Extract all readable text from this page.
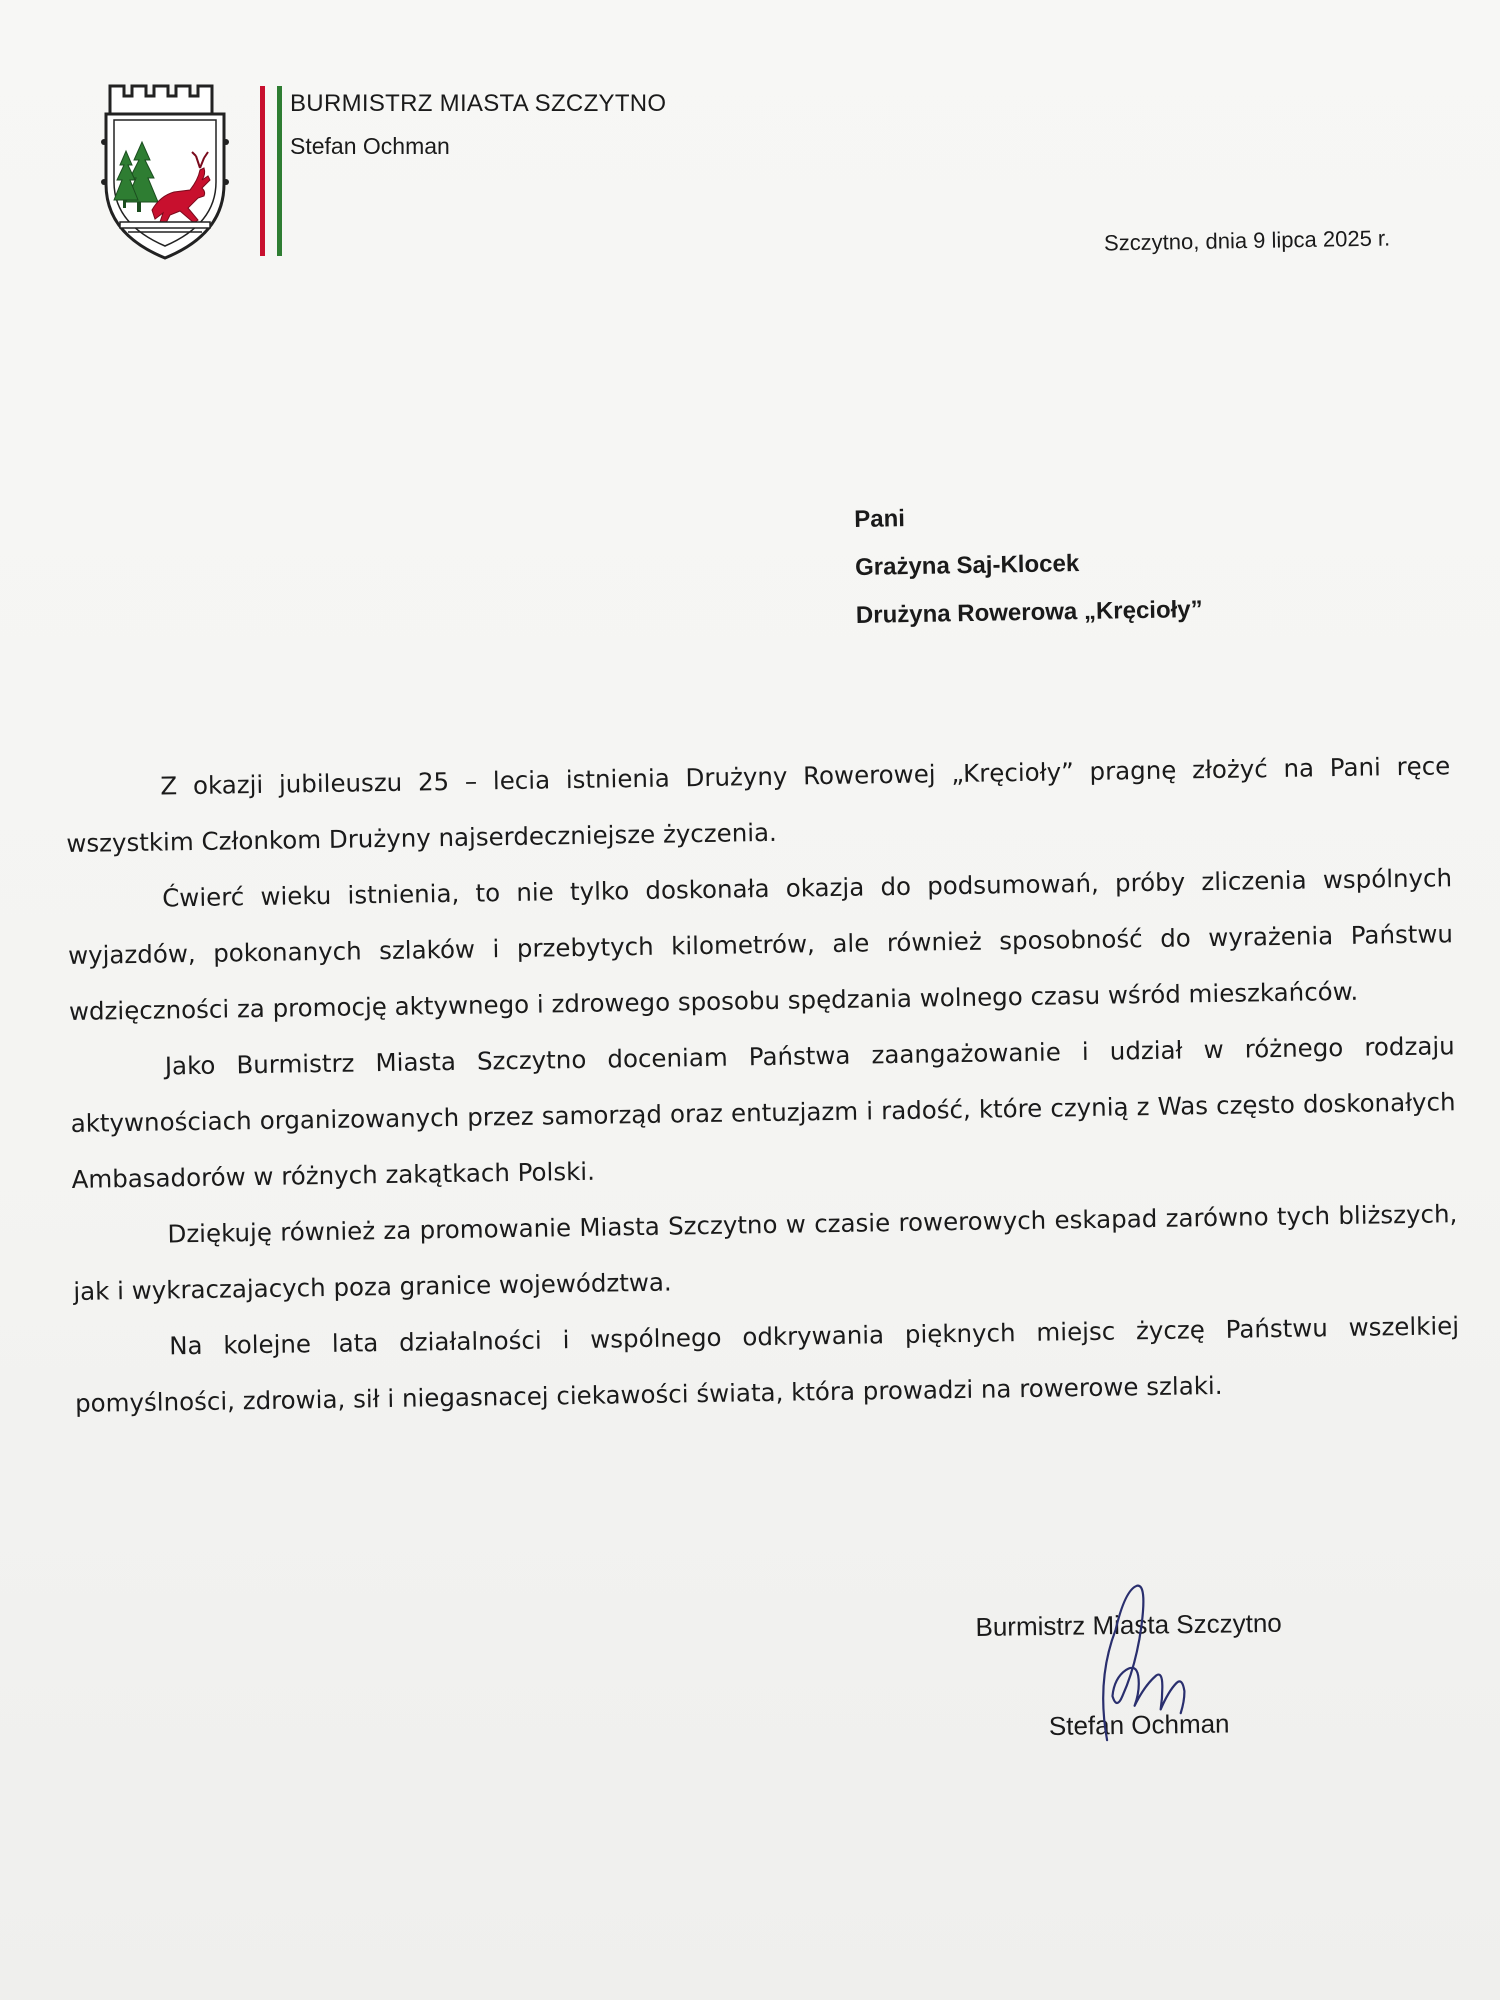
BURMISTRZ MIASTA SZCZYTNO
Stefan Ochman
Szczytno, dnia 9 lipca 2025 r.
Pani
Grażyna Saj-Klocek
Drużyna Rowerowa „Kręcioły”

Z okazji jubileuszu 25 – lecia istnienia Drużyny Rowerowej „Kręcioły” pragnę złożyć na Pani ręce wszystkim Członkom Drużyny najserdeczniejsze życzenia.

Ćwierć wieku istnienia, to nie tylko doskonała okazja do podsumowań, próby zliczenia wspólnych wyjazdów, pokonanych szlaków i przebytych kilometrów, ale również sposobność do wyrażenia Państwu wdzięczności za promocję aktywnego i zdrowego sposobu spędzania wolnego czasu wśród mieszkańców.

Jako Burmistrz Miasta Szczytno doceniam Państwa zaangażowanie i udział w różnego rodzaju aktywnościach organizowanych przez samorząd oraz entuzjazm i radość, które czynią z Was często doskonałych Ambasadorów w różnych zakątkach Polski.

Dziękuję również za promowanie Miasta Szczytno w czasie rowerowych eskapad zarówno tych bliższych, jak i wykraczajacych poza granice województwa.

Na kolejne lata działalności i wspólnego odkrywania pięknych miejsc życzę Państwu wszelkiej pomyślności, zdrowia, sił i niegasnacej ciekawości świata, która prowadzi na rowerowe szlaki.

Burmistrz Miasta Szczytno
Stefan Ochman
